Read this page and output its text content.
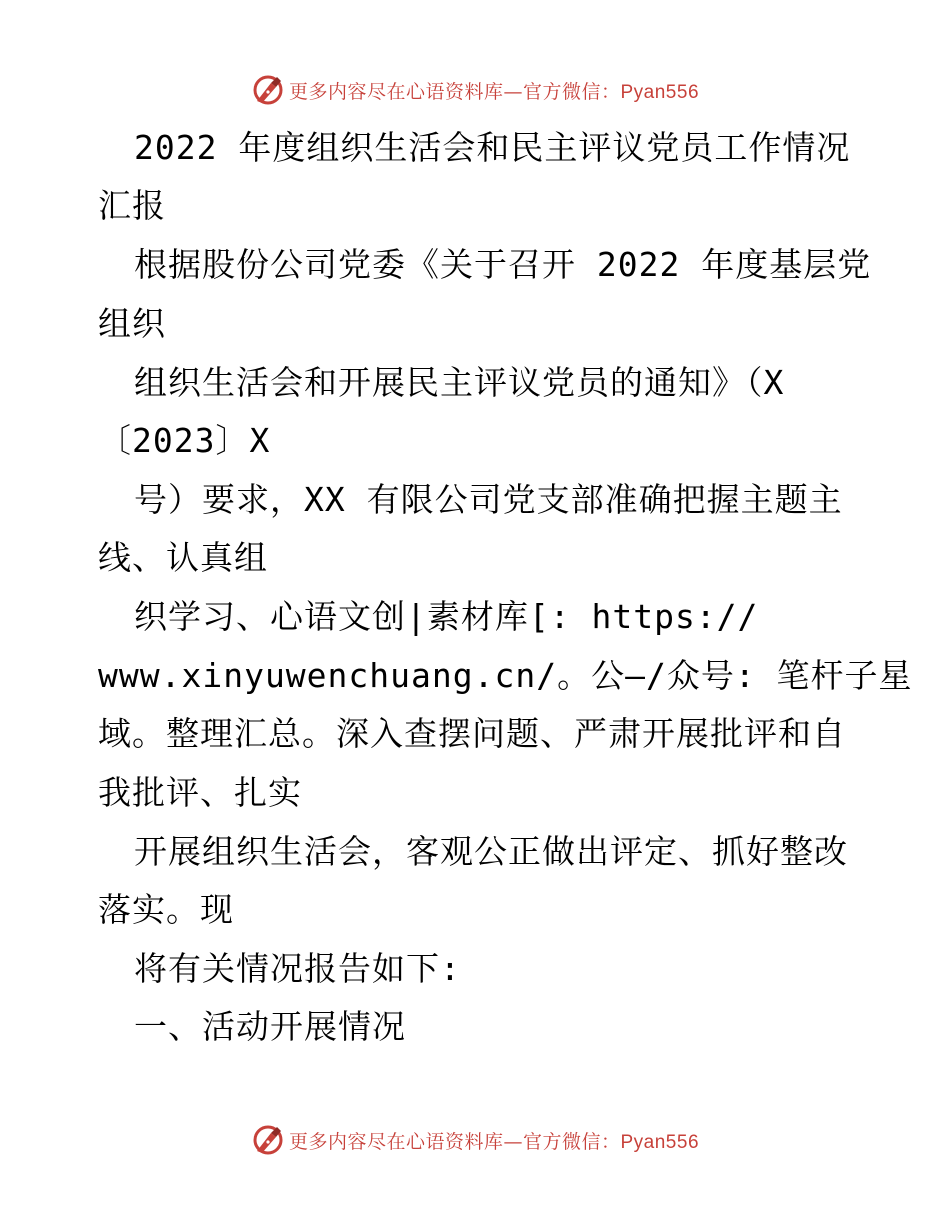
更多内容尽在心语资料库—官方微信：Pyan556
2022 年度组织生活会和民主评议党员工作情况
汇报
根据股份公司党委《关于召开 2022 年度基层党
组织
组织生活会和开展民主评议党员的通知》（X
〔2023〕X
号）要求，XX 有限公司党支部准确把握主题主
线、认真组
织学习、心语文创|素材库[: https://
www.xinyuwenchuang.cn/。公—/众号: 笔杆子星
域。整理汇总。深入查摆问题、严肃开展批评和自
我批评、扎实
开展组织生活会，客观公正做出评定、抓好整改
落实。现
将有关情况报告如下:
一、活动开展情况
更多内容尽在心语资料库—官方微信：Pyan556
